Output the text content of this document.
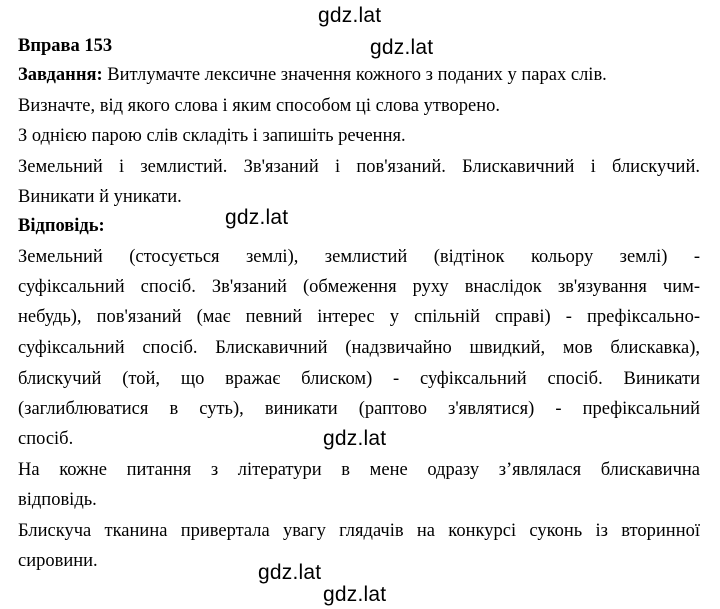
gdz.lat
gdz.lat
gdz.lat
gdz.lat
gdz.lat
gdz.lat
Вправа 153
Завдання: Витлумачте лексичне значення кожного з поданих у парах слів.
Визначте, від якого слова і яким способом ці слова утворено.
З однією парою слів складіть і запишіть речення.
Земельний і землистий. Зв'язаний і пов'язаний. Блискавичний і блискучий.
Виникати й уникати.
Відповідь:
Земельний (стосується землі), землистий (відтінок кольору землі) -
суфіксальний спосіб. Зв'язаний (обмеження руху внаслідок зв'язування чим-
небудь), пов'язаний (має певний інтерес у спільній справі) - префіксально-
суфіксальний спосіб. Блискавичний (надзвичайно швидкий, мов блискавка),
блискучий (той, що вражає блиском) - суфіксальний спосіб. Виникати
(заглиблюватися в суть), виникати (раптово з'являтися) - префіксальний
спосіб.
На кожне питання з літератури в мене одразу з’являлася блискавична
відповідь.
Блискуча тканина привертала увагу глядачів на конкурсі суконь із вторинної
сировини.
